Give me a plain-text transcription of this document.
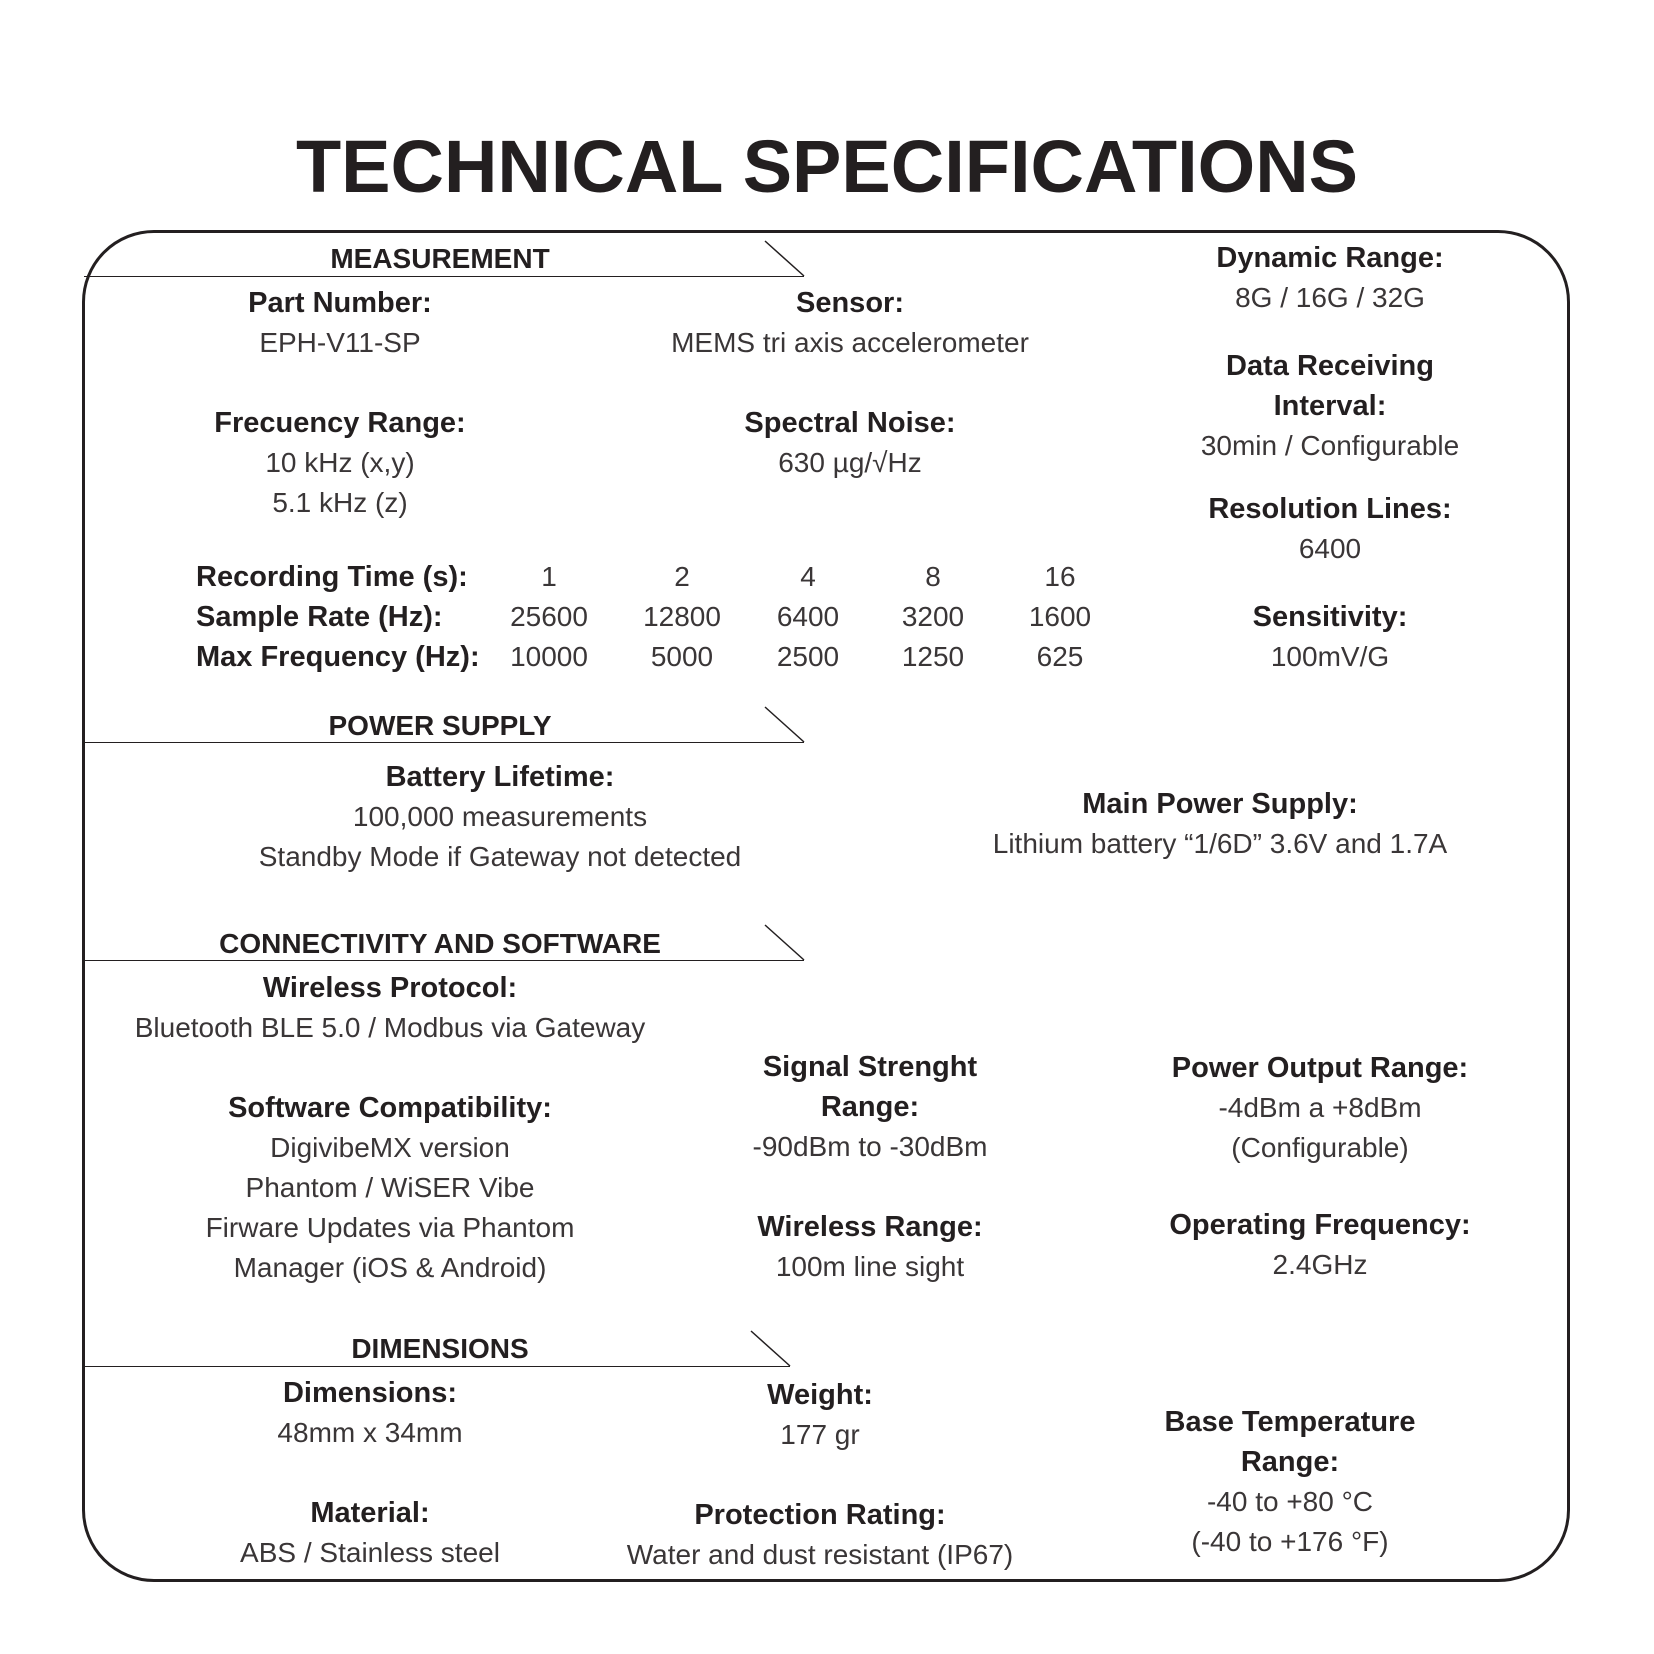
TECHNICAL SPECIFICATIONS
MEASUREMENT
POWER SUPPLY
CONNECTIVITY AND SOFTWARE
DIMENSIONS
Part Number:
EPH-V11-SP
Sensor:
MEMS tri axis accelerometer
Dynamic Range:
8G / 16G / 32G
Data Receiving
Interval:
30min / Configurable
Frecuency Range:
10 kHz (x,y)
5.1 kHz (z)
Spectral Noise:
630 µg/√Hz
Resolution Lines:
6400
Sensitivity:
100mV/G
Recording Time (s):	1	2	4	8	16
Sample Rate (Hz):	25600	12800	6400	3200	1600
Max Frequency (Hz):	10000	5000	2500	1250	625
Battery Lifetime:
100,000 measurements
Standby Mode if Gateway not detected
Main Power Supply:
Lithium battery “1/6D” 3.6V and 1.7A
Wireless Protocol:
Bluetooth BLE 5.0 / Modbus via Gateway
Software Compatibility:
DigivibeMX version
Phantom / WiSER Vibe
Firware Updates via Phantom
Manager (iOS & Android)
Signal Strenght
Range:
-90dBm to -30dBm
Wireless Range:
100m line sight
Power Output Range:
-4dBm a +8dBm
(Configurable)
Operating Frequency:
2.4GHz
Dimensions:
48mm x 34mm
Weight:
177 gr
Material:
ABS / Stainless steel
Protection Rating:
Water and dust resistant (IP67)
Base Temperature
Range:
-40 to +80 °C
(-40 to +176 °F)
